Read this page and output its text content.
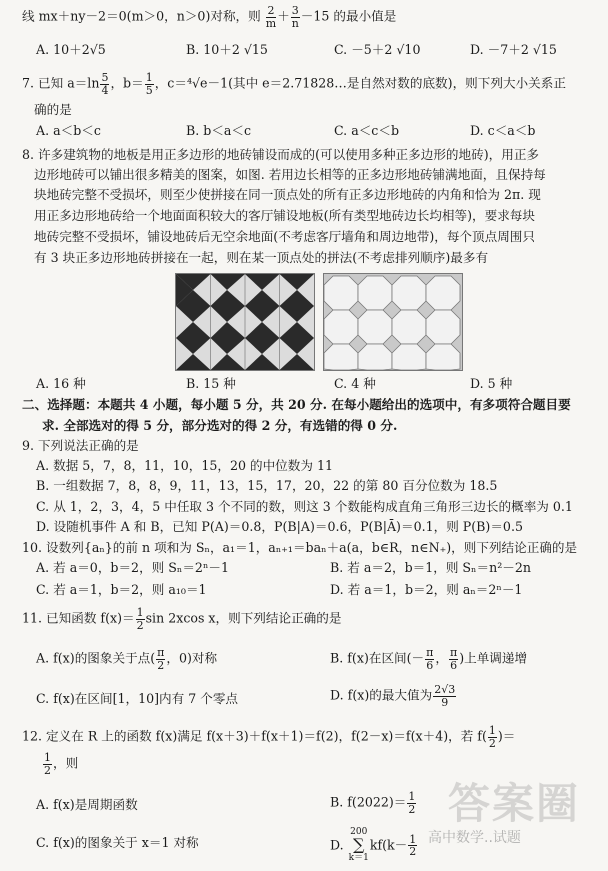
线 mx＋ny－2＝0(m＞0，n＞0)对称，则 $\frac{2}{m} + \frac{3}{n} -15$ 的最小值是
A. 10＋2√5	B. 10＋2 √15	C. －5＋2 √10	D. －7＋2 √15
7. 已知 $a=\ln \frac{5}{4}$ ，$b= \frac{1}{5}$ ，c＝⁴√e－1(其中 e＝2.71828…是自然对数的底数)，则下列大小关系正
确的是
A. a＜b＜c	B. b＜a＜c	C. a＜c＜b	D. c＜a＜b
8. 许多建筑物的地板是用正多边形的地砖铺设而成的(可以使用多种正多边形的地砖)，用正多
边形地砖可以铺出很多精美的图案，如图. 若用边长相等的正多边形地砖铺满地面，且保持每
块地砖完整不受损坏，则至少使拼接在同一顶点处的所有正多边形地砖的内角和恰为 2π. 现
用正多边形地砖给一个地面面积较大的客厅铺设地板(所有类型地砖边长均相等)，要求每块
地砖完整不受损坏，铺设地砖后无空余地面(不考虑客厅墙角和周边地带)，每个顶点周围只
有 3 块正多边形地砖拼接在一起，则在某一顶点处的拼法(不考虑排列顺序)最多有
A. 16 种	B. 15 种	C. 4 种	D. 5 种
二、选择题：本题共 4 小题，每小题 5 分，共 20 分. 在每小题给出的选项中，有多项符合题目要
求. 全部选对的得 5 分，部分选对的得 2 分，有选错的得 0 分.
9. 下列说法正确的是
A. 数据 5，7，8，11，10，15，20 的中位数为 11
B. 一组数据 7，8，8，9，11，13，15，17，20，22 的第 80 百分位数为 18.5
C. 从 1，2，3，4，5 中任取 3 个不同的数，则这 3 个数能构成直角三角形三边长的概率为 0.1
D. 设随机事件 A 和 B，已知 P(A)＝0.8，P(B|A)＝0.6，P(B|Ā)＝0.1，则 P(B)＝0.5
10. 设数列{aₙ}的前 n 项和为 Sₙ，a₁＝1，aₙ₊₁＝baₙ＋a(a，b∈R，n∈N₊)，则下列结论正确的是
A. 若 a＝0，b＝2，则 Sₙ＝2ⁿ－1	B. 若 a＝2，b＝1，则 Sₙ＝n²－2n
C. 若 a＝1，b＝2，则 a₁₀＝1	D. 若 a＝1，b＝2，则 aₙ＝2ⁿ－1
11. 已知函数 $f(x)= \frac{1}{2}$ sin 2xcos x，则下列结论正确的是
A. f(x)的图象关于点( $\frac{\pi}{2}$ ，0)对称	B. f(x)在区间(－ $\frac{\pi}{6}$ ， $\frac{\pi}{6}$ )上单调递增
C. f(x)在区间[1，10]内有 7 个零点	D. f(x)的最大值为 $\frac{2√3}{9}$
12. 定义在 R 上的函数 f(x)满足 f(x＋3)＋f(x＋1)＝f(2)，f(2－x)＝f(x＋4)，若 $f( \frac{1}{2}$ )＝
$\frac{1}{2}$ ，则
A. f(x)是周期函数	B. $f(2022)= \frac{1}{2}$
C. f(x)的图象关于 x＝1 对称	D.
200
∑
k＝1
$kf(k- \frac{1}{2}$
答案圈
高中数学..试题
